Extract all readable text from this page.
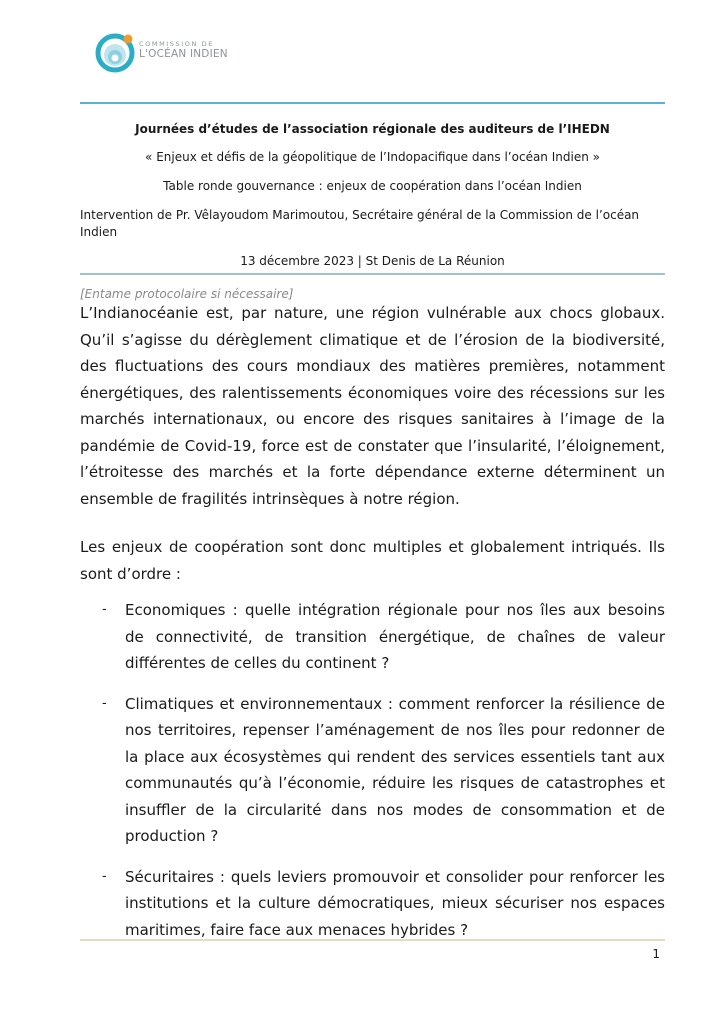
COMMISSION DE
L'OCÉAN INDIEN
Journées d’études de l’association régionale des auditeurs de l’IHEDN
« Enjeux et défis de la géopolitique de l’Indopacifique dans l’océan Indien »
Table ronde gouvernance : enjeux de coopération dans l’océan Indien
Intervention de Pr. Vêlayoudom Marimoutou, Secrétaire général de la Commission de l’océan Indien
13 décembre 2023 | St Denis de La Réunion
[Entame protocolaire si nécessaire]

L’Indianocéanie est, par nature, une région vulnérable aux chocs globaux. Qu’il s’agisse du dérèglement climatique et de l’érosion de la biodiversité, des fluctuations des cours mondiaux des matières premières, notamment énergétiques, des ralentissements économiques voire des récessions sur les marchés internationaux, ou encore des risques sanitaires à l’image de la pandémie de Covid-19, force est de constater que l’insularité, l’éloignement, l’étroitesse des marchés et la forte dépendance externe déterminent un ensemble de fragilités intrinsèques à notre région.

Les enjeux de coopération sont donc multiples et globalement intriqués. Ils sont d’ordre :

- Economiques : quelle intégration régionale pour nos îles aux besoins de connectivité, de transition énergétique, de chaînes de valeur différentes de celles du continent ?
- Climatiques et environnementaux : comment renforcer la résilience de nos territoires, repenser l’aménagement de nos îles pour redonner de la place aux écosystèmes qui rendent des services essentiels tant aux communautés qu’à l’économie, réduire les risques de catastrophes et insuffler de la circularité dans nos modes de consommation et de production ?
- Sécuritaires : quels leviers promouvoir et consolider pour renforcer les institutions et la culture démocratiques, mieux sécuriser nos espaces maritimes, faire face aux menaces hybrides ?
1
